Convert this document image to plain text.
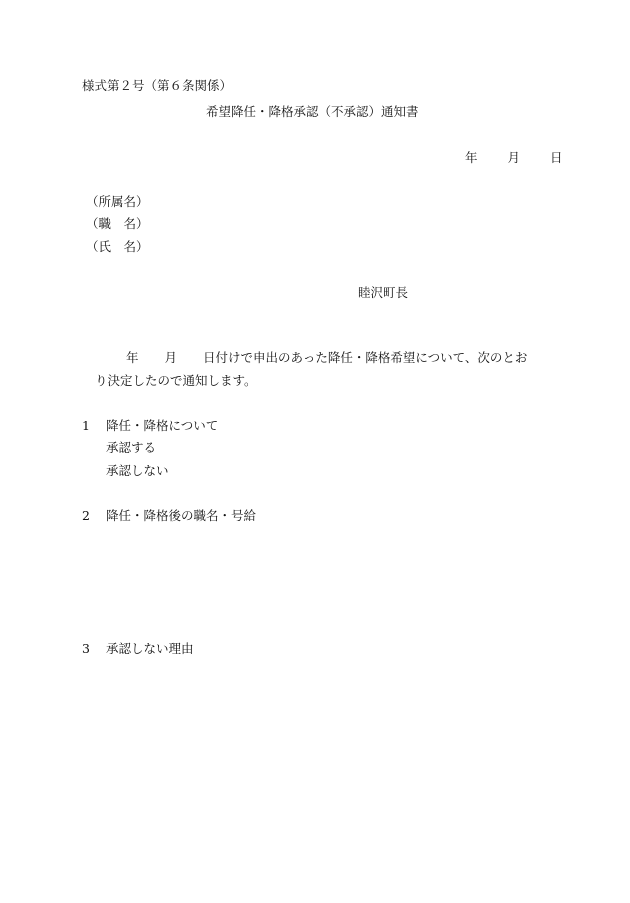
様式第２号（第６条関係）
希望降任・降格承認（不承認）通知書
年 月 日
（所属名）
（職　名）
（氏　名）
睦沢町長
年 月 日付けで申出のあった降任・降格希望について、次のとお
り決定したので通知します。
1 降任・降格について
承認する
承認しない
2 降任・降格後の職名・号給
3 承認しない理由
